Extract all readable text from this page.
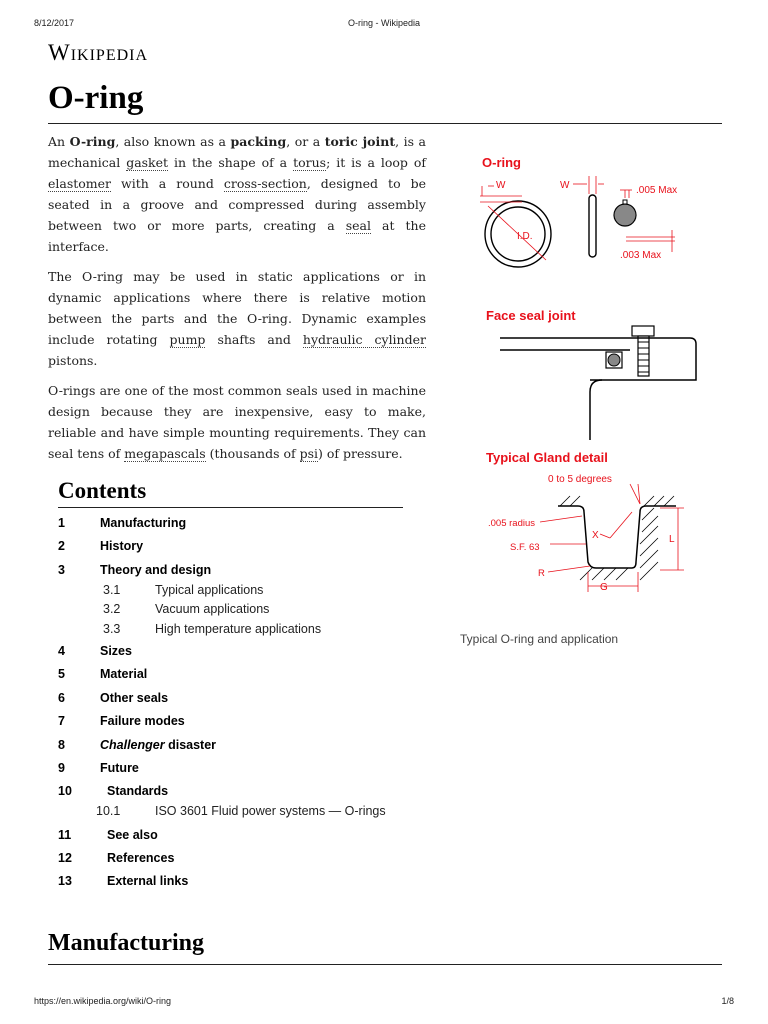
8/12/2017	O-ring - Wikipedia
Wikipedia
O-ring

An O-ring, also known as a packing, or a toric joint, is a mechanical gasket in the shape of a torus; it is a loop of elastomer with a round cross-section, designed to be seated in a groove and compressed during assembly between two or more parts, creating a seal at the interface.

The O-ring may be used in static applications or in dynamic applications where there is relative motion between the parts and the O-ring. Dynamic examples include rotating pump shafts and hydraulic cylinder pistons.

O-rings are one of the most common seals used in machine design because they are inexpensive, easy to make, reliable and have simple mounting requirements. They can seal tens of megapascals (thousands of psi) of pressure.

O-ring
I.D.
W	W	.005 Max
.003 Max
Face seal joint
Typical Gland detail
0 to 5 degrees
.005 radius
S.F. 63
R
X	L
G
Typical O-ring and application
Contents
1	Manufacturing
2	History
3	Theory and design
3.1	Typical applications
3.2	Vacuum applications
3.3	High temperature applications
4	Sizes
5	Material
6	Other seals
7	Failure modes
8	Challenger disaster
9	Future
10	Standards
10.1	ISO 3601 Fluid power systems — O-rings
11	See also
12	References
13	External links
Manufacturing
https://en.wikipedia.org/wiki/O-ring	1/8
